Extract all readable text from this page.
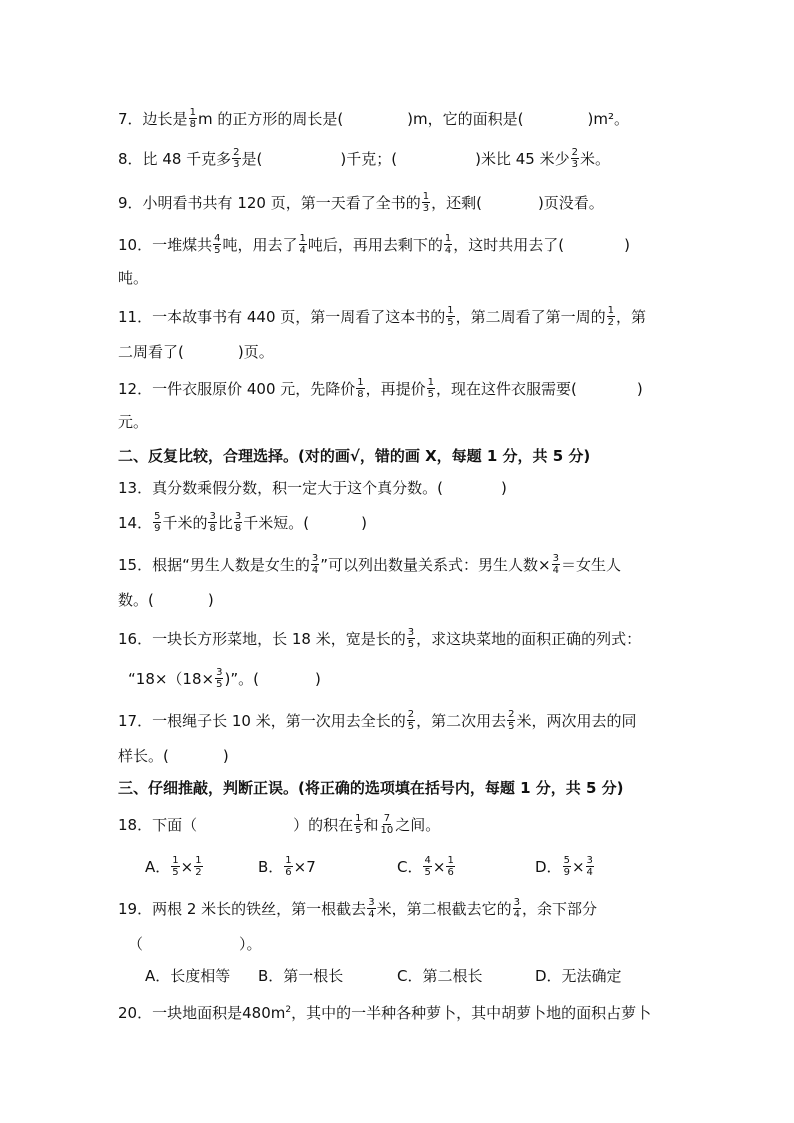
7．边长是 $\frac{1}{8}$ m 的正方形的周长是(	)m，它的面积是(	)m²。
8．比 48 千克多 $\frac{2}{3}$ 是(	)千克；(	)米比 45 米少 $\frac{2}{3}$ 米。
9．小明看书共有 120 页，第一天看了全书的 $\frac{1}{3}$ ，还剩(	)页没看。
10．一堆煤共 $\frac{4}{5}$ 吨，用去了 $\frac{1}{4}$ 吨后，再用去剩下的 $\frac{1}{4}$ ，这时共用去了(	)
吨。
11．一本故事书有 440 页，第一周看了这本书的 $\frac{1}{5}$ ，第二周看了第一周的 $\frac{1}{2}$ ，第
二周看了(	)页。
12．一件衣服原价 400 元，先降价 $\frac{1}{8}$ ，再提价 $\frac{1}{5}$ ，现在这件衣服需要(	)
元。
二、反复比较，合理选择。(对的画√，错的画 X，每题 1 分，共 5 分)
13．真分数乘假分数，积一定大于这个真分数。(	)
14． $\frac{5}{9}$ 千米的 $\frac{3}{8}$ 比 $\frac{3}{8}$ 千米短。(	)
15．根据“男生人数是女生的 $\frac{3}{4}$ ”可以列出数量关系式：男生人数× $\frac{3}{4}$ ＝女生人
数。(	)
16．一块长方形菜地，长 18 米，宽是长的 $\frac{3}{5}$ ，求这块菜地的面积正确的列式：
“$18\times(18\times \frac{3}{5}$ )”。(	)
17．一根绳子长 10 米，第一次用去全长的 $\frac{2}{5}$ ，第二次用去 $\frac{2}{5}$ 米，两次用去的同
样长。(	)
三、仔细推敲，判断正误。(将正确的选项填在括号内，每题 1 分，共 5 分)
18．下面（	）的积在 $\frac{1}{5}$ 和 $\frac{7}{10}$ 之间。
A． $\frac{1}{5} \times \frac{1}{2}$	B． $\frac{1}{6} \times 7$	C． $\frac{4}{5} \times \frac{1}{6}$	D． $\frac{5}{9} \times \frac{3}{4}$
19．两根 2 米长的铁丝，第一根截去 $\frac{3}{4}$ 米，第二根截去它的 $\frac{3}{4}$ ，余下部分
（	）。
A．长度相等 B．第一根长	C．第二根长	D．无法确定
20．一块地面积是$480m^2$，其中的一半种各种萝卜，其中胡萝卜地的面积占萝卜
